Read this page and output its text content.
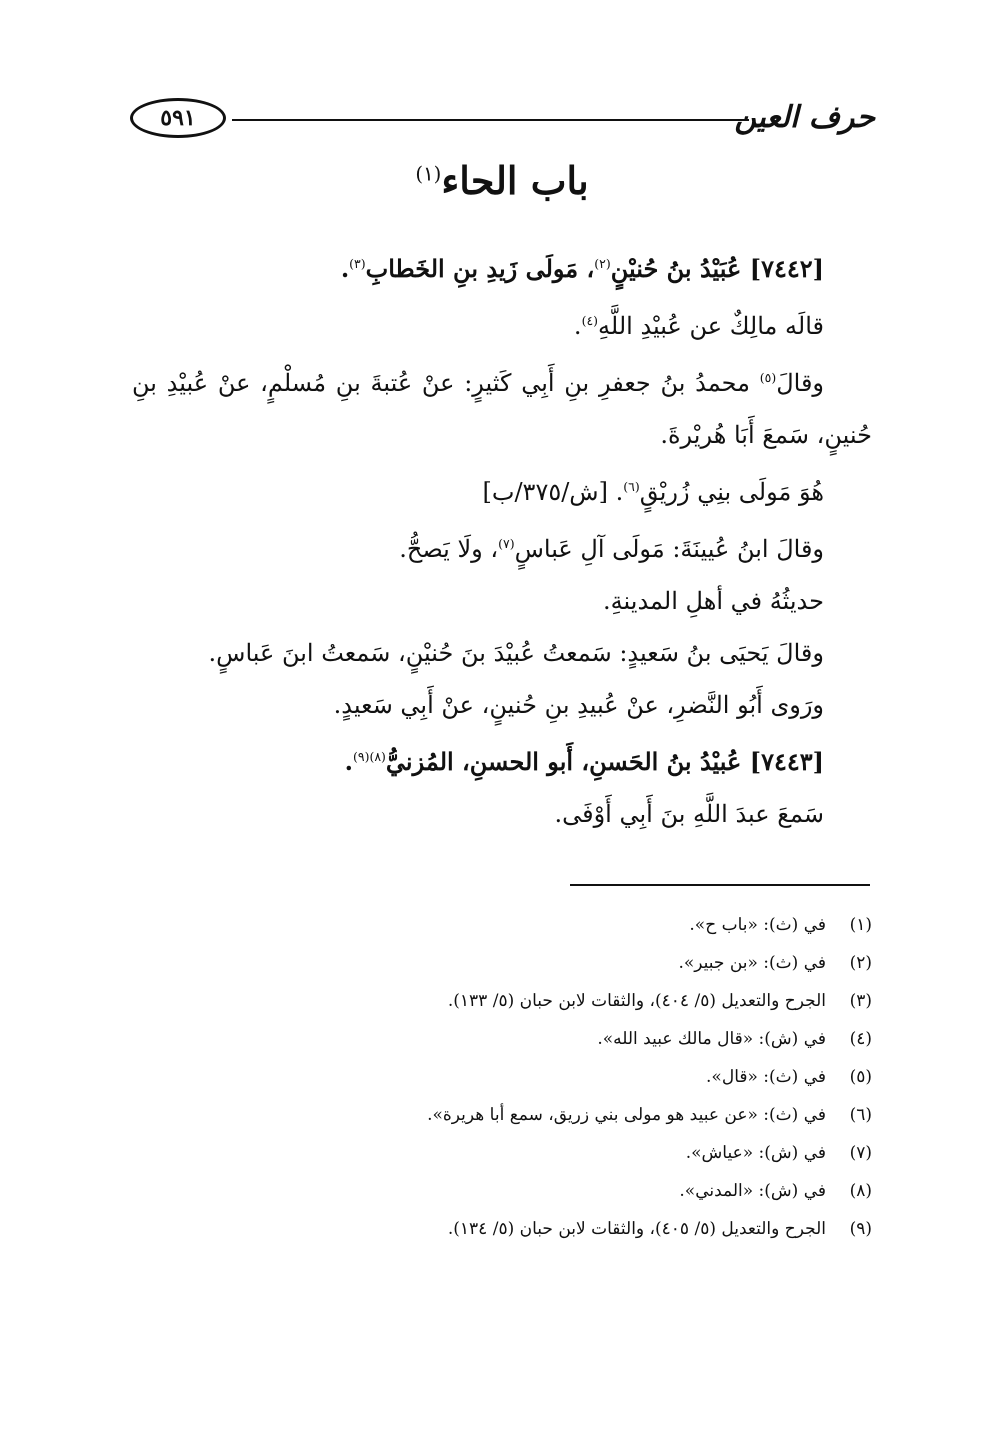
حرف العين
٥٩١
باب الحاء$^{(١)}$
[٧٤٤٢] عُبَيْدُ بنُ حُنيْنٍ$^{(٢)}$، مَولَى زَيدِ بنِ الخَطابِ$^{(٣)}$.
قالَه مالِكٌ عن عُبيْدِ اللَّهِ$^{(٤)}$.
وقالَ$^{(٥)}$ محمدُ بنُ جعفرِ بنِ أَبِي كَثيرٍ: عنْ عُتبةَ بنِ مُسلْمٍ، عنْ عُبيْدِ بنِ
حُنينٍ، سَمعَ أَبَا هُريْرةَ.
هُوَ مَولَى بنِي زُريْقٍ$^{(٦)}$. [ش/٣٧٥/ب]
وقالَ ابنُ عُيينَةَ: مَولَى آلِ عَباسٍ$^{(٧)}$، ولَا يَصحُّ.
حديثُهُ في أهلِ المدينةِ.
وقالَ يَحيَى بنُ سَعيدٍ: سَمعتُ عُبيْدَ بنَ حُنيْنٍ، سَمعتُ ابنَ عَباسٍ.
ورَوى أَبُو النَّضرِ، عنْ عُبيدِ بنِ حُنينٍ، عنْ أَبِي سَعيدٍ.
[٧٤٤٣] عُبيْدُ بنُ الحَسنِ، أَبو الحسنِ، المُزنيُّ$^{(٨)(٩)}$.
سَمعَ عبدَ اللَّهِ بنَ أَبِي أَوْفَى.
(١)
في (ث): «باب ح».
(٢)
في (ث): «بن جبير».
(٣)
الجرح والتعديل (٥/ ٤٠٤)، والثقات لابن حبان (٥/ ١٣٣).
(٤)
في (ش): «قال مالك عبيد الله».
(٥)
في (ث): «قال».
(٦)
في (ث): «عن عبيد هو مولى بني زريق، سمع أبا هريرة».
(٧)
في (ش): «عياش».
(٨)
في (ش): «المدني».
(٩)
الجرح والتعديل (٥/ ٤٠٥)، والثقات لابن حبان (٥/ ١٣٤).
